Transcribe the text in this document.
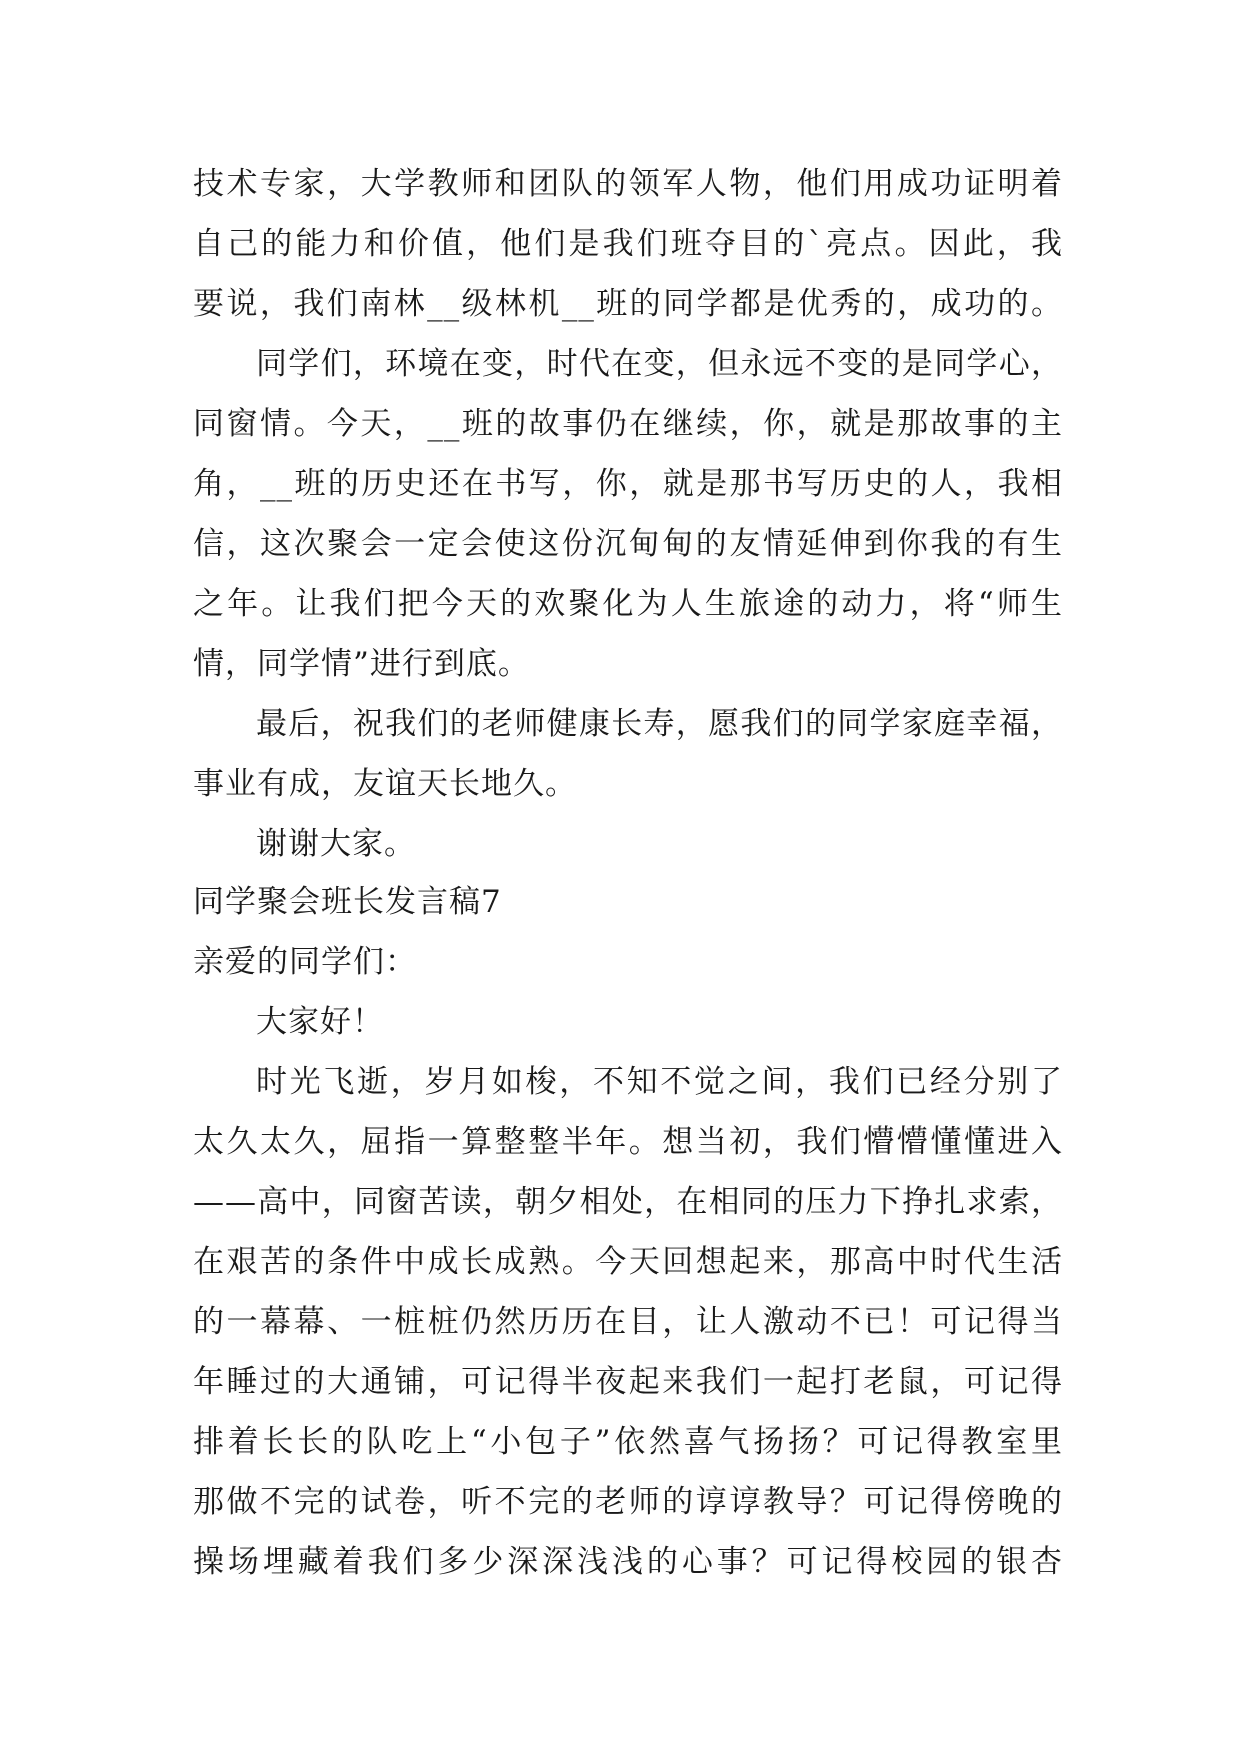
技术专家，大学教师和团队的领军人物，他们用成功证明着
自己的能力和价值，他们是我们班夺目的`亮点。因此，我
要说，我们南林__级林机__班的同学都是优秀的，成功的。
同学们，环境在变，时代在变，但永远不变的是同学心，
同窗情。今天，__班的故事仍在继续，你，就是那故事的主
角，__班的历史还在书写，你，就是那书写历史的人，我相
信，这次聚会一定会使这份沉甸甸的友情延伸到你我的有生
之年。让我们把今天的欢聚化为人生旅途的动力，将“师生
情，同学情”进行到底。
最后，祝我们的老师健康长寿，愿我们的同学家庭幸福，
事业有成，友谊天长地久。
谢谢大家。
同学聚会班长发言稿7
亲爱的同学们：
大家好！
时光飞逝，岁月如梭，不知不觉之间，我们已经分别了
太久太久，屈指一算整整半年。想当初，我们懵懵懂懂进入
——高中，同窗苦读，朝夕相处，在相同的压力下挣扎求索，
在艰苦的条件中成长成熟。今天回想起来，那高中时代生活
的一幕幕、一桩桩仍然历历在目，让人激动不已！可记得当
年睡过的大通铺，可记得半夜起来我们一起打老鼠，可记得
排着长长的队吃上“小包子”依然喜气扬扬？可记得教室里
那做不完的试卷，听不完的老师的谆谆教导？可记得傍晚的
操场埋藏着我们多少深深浅浅的心事？可记得校园的银杏
